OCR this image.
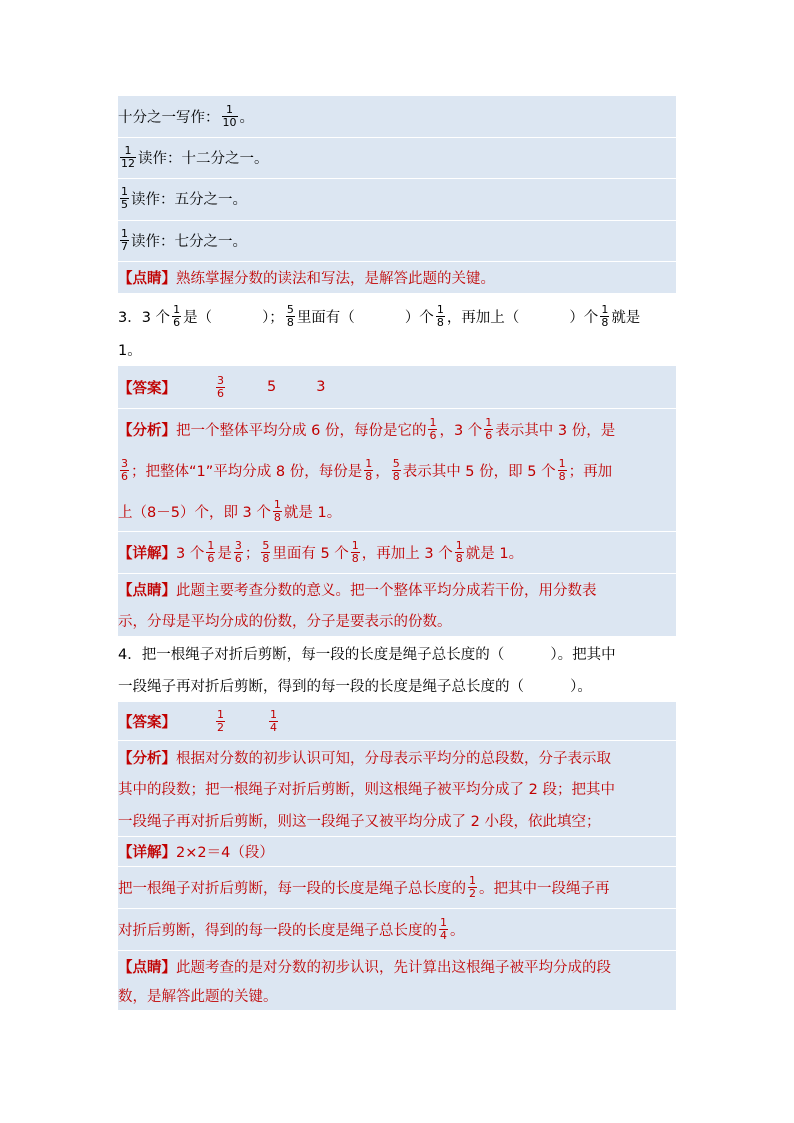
十分之一写作：
1
10 。
1
12 读作：十二分之一。
1
5 读作：五分之一。
1
7 读作：七分之一。
【点睛】 熟练掌握分数的读法和写法，是解答此题的关键。
3．3 个
1
6 是（	）；
5
8 里面有（	）个
1
8 ，再加上（	）个
1
8 就是
1。
【答案】
3
6	5	3
【分析】 把一个整体平均分成 6 份，每份是它的
1
6 ，3 个
1
6 表示其中 3 份，是
3
6 ；把整体“1”平均分成 8 份，每份是
1
8 ，
5
8 表示其中 5 份，即 5 个
1
8 ；再加
上（8－5）个，即 3 个
1
8 就是 1。
【详解】 3 个
1
6 是
3
6 ；
5
8 里面有 5 个
1
8 ，再加上 3 个
1
8 就是 1。
【点睛】 此题主要考查分数的意义。把一个整体平均分成若干份，用分数表
示，分母是平均分成的份数，分子是要表示的份数。
4．把一根绳子对折后剪断，每一段的长度是绳子总长度的（          ）。把其中
一段绳子再对折后剪断，得到的每一段的长度是绳子总长度的（          ）。
【答案】
1
2
1
4
【分析】 根据对分数的初步认识可知，分母表示平均分的总段数，分子表示取
其中的段数；把一根绳子对折后剪断，则这根绳子被平均分成了 2 段；把其中
一段绳子再对折后剪断，则这一段绳子又被平均分成了 2 小段，依此填空；
【详解】 2×2＝4（段）
把一根绳子对折后剪断，每一段的长度是绳子总长度的
1
2 。把其中一段绳子再
对折后剪断，得到的每一段的长度是绳子总长度的
1
4 。
【点睛】 此题考查的是对分数的初步认识，先计算出这根绳子被平均分成的段
数，是解答此题的关键。
